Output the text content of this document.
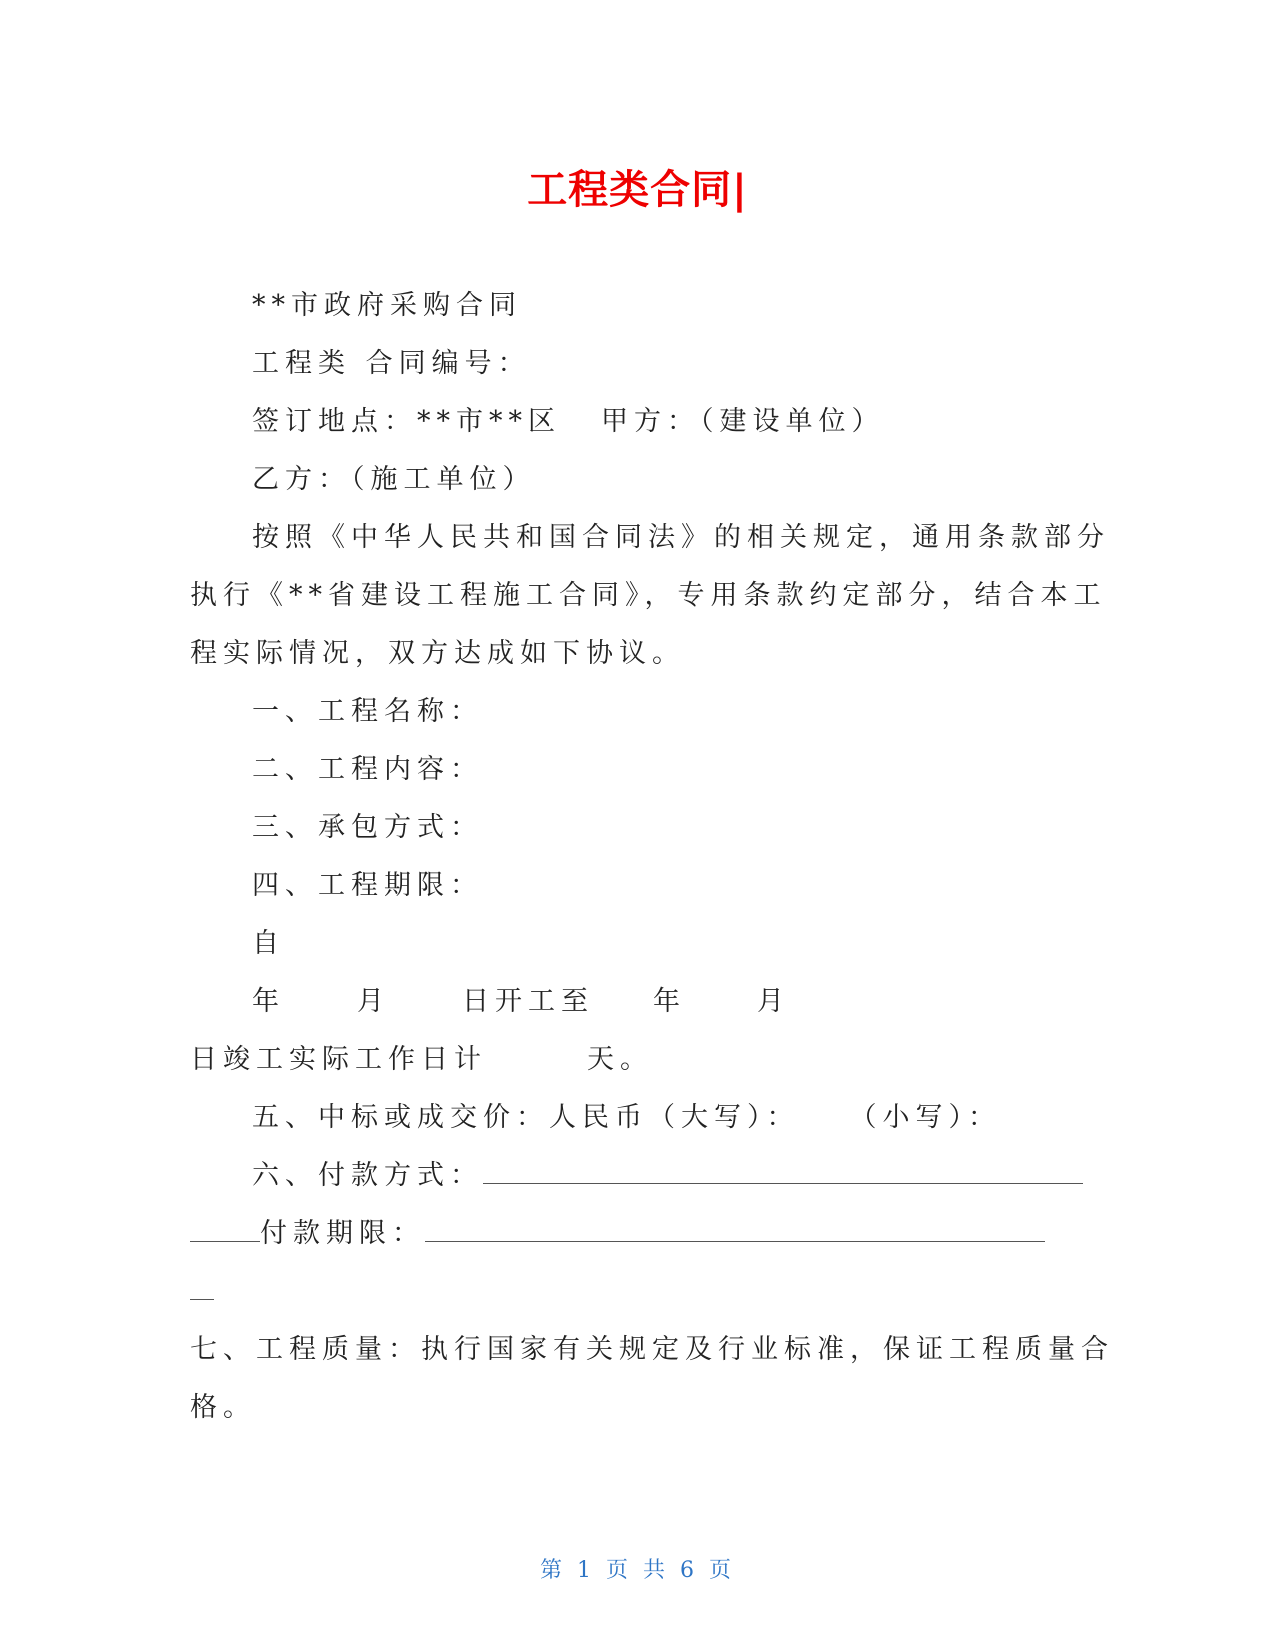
工程类合同|
**市政府采购合同
工程类 合同编号：
签订地点：**市**区 甲方：（建设单位）
乙方：（施工单位）
按照《中华人民共和国合同法》的相关规定，通用条款部分
执行《**省建设工程施工合同》，专用条款约定部分，结合本工
程实际情况，双方达成如下协议。
一、工程名称：
二、工程内容：
三、承包方式：
四、工程期限：
自
年	月	日开工至 年	月
日竣工实际工作日计	天。
五、中标或成交价：人民币（大写）： （小写）：
六、付款方式：
付款期限：
七、工程质量：执行国家有关规定及行业标准，保证工程质量合
格。
第 1 页 共 6 页
